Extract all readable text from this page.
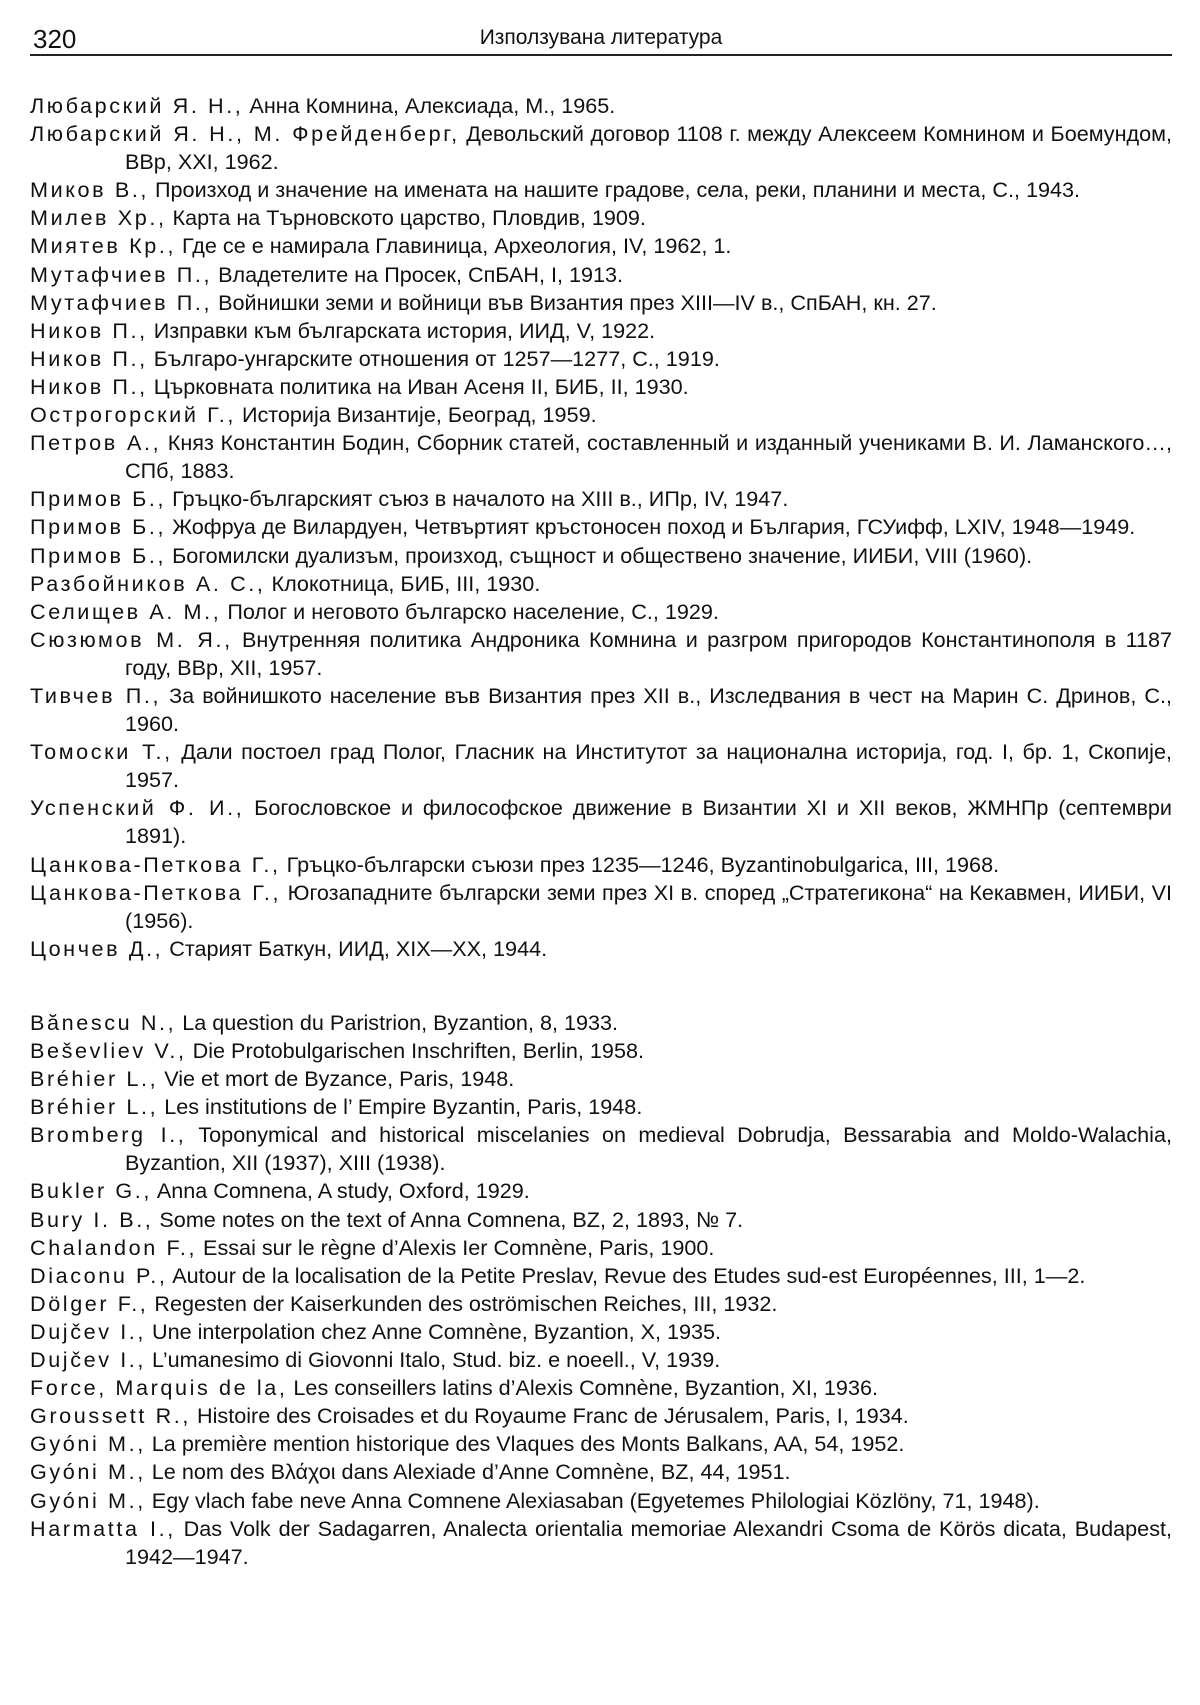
320	Използувана литература
Любарский Я. Н., Анна Комнина, Алексиада, М., 1965.
Любарский Я. Н., М. Фрейденберг, Девольский договор 1108 г. между Алексеем Комнином и Боемундом, ВВр, XXI, 1962.
Миков В., Произход и значение на имената на нашите градове, села, реки, планини и места, С., 1943.
Милев Хр., Карта на Търновското царство, Пловдив, 1909.
Миятев Кр., Где се е намирала Главиница, Археология, IV, 1962, 1.
Мутафчиев П., Владетелите на Просек, СпБАН, I, 1913.
Мутафчиев П., Войнишки земи и войници във Византия през XIII—IV в., СпБАН, кн. 27.
Ников П., Изправки към българската история, ИИД, V, 1922.
Ников П., Българо-унгарските отношения от 1257—1277, С., 1919.
Ников П., Църковната политика на Иван Асеня II, БИБ, II, 1930.
Острогорский Г., Историја Византије, Београд, 1959.
Петров А., Княз Константин Бодин, Сборник статей, составленный и изданный учениками В. И. Ламанского…, СПб, 1883.
Примов Б., Гръцко-българският съюз в началото на XIII в., ИПр, IV, 1947.
Примов Б., Жофруа де Вилардуен, Четвъртият кръстоносен поход и България, ГСУифф, LXIV, 1948—1949.
Примов Б., Богомилски дуализъм, произход, същност и обществено значение, ИИБИ, VIII (1960).
Разбойников А. С., Клокотница, БИБ, III, 1930.
Селищев А. М., Полог и неговото българско население, С., 1929.
Сюзюмов М. Я., Внутренняя политика Андроника Комнина и разгром пригородов Константинополя в 1187 году, ВВр, XII, 1957.
Тивчев П., За войнишкото население във Византия през XII в., Изследвания в чест на Марин С. Дринов, С., 1960.
Томоски Т., Дали постоел град Полог, Гласник на Институтот за национална историја, год. I, бр. 1, Скопије, 1957.
Успенский Ф. И., Богословское и философское движение в Византии XI и XII веков, ЖМНПр (септември 1891).
Цанкова-Петкова Г., Гръцко-български съюзи през 1235—1246, Byzantinobulgarica, III, 1968.
Цанкова-Петкова Г., Югозападните български земи през XI в. според „Стратегикона“ на Кекавмен, ИИБИ, VI (1956).
Цончев Д., Старият Баткун, ИИД, XIX—XX, 1944.
Bănescu N., La question du Paristrion, Byzantion, 8, 1933.
Beševliev V., Die Protobulgarischen Inschriften, Berlin, 1958.
Bréhier L., Vie et mort de Byzance, Paris, 1948.
Bréhier L., Les institutions de l’ Empire Byzantin, Paris, 1948.
Bromberg I., Toponymical and historical miscelanies on medieval Dobrudja, Bessarabia and Moldo-Walachia, Byzantion, XII (1937), XIII (1938).
Bukler G., Anna Comnena, A study, Oxford, 1929.
Bury I. B., Some notes on the text of Anna Comnena, BZ, 2, 1893, № 7.
Chalandon F., Essai sur le règne d’Alexis Ier Comnène, Paris, 1900.
Diaconu P., Autour de la localisation de la Petite Preslav, Revue des Etudes sud-est Européennes, III, 1—2.
Dölger F., Regesten der Kaiserkunden des oströmischen Reiches, III, 1932.
Dujčev I., Une interpolation chez Anne Comnène, Byzantion, X, 1935.
Dujčev I., L’umanesimo di Giovonni Italo, Stud. biz. e noeell., V, 1939.
Force, Marquis de la, Les conseillers latins d’Alexis Comnène, Byzantion, XI, 1936.
Groussett R., Histoire des Croisades et du Royaume Franc de Jérusalem, Paris, I, 1934.
Gyóni M., La première mention historique des Vlaques des Monts Balkans, AA, 54, 1952.
Gyóni M., Le nom des Βλάχοι dans Alexiade d’Anne Comnène, BZ, 44, 1951.
Gyóni M., Egy vlach fabe neve Anna Comnene Alexiasaban (Egyetemes Philologiai Közlöny, 71, 1948).
Harmatta I., Das Volk der Sadagarren, Analecta orientalia memoriae Alexandri Csoma de Körös dicata, Budapest, 1942—1947.
